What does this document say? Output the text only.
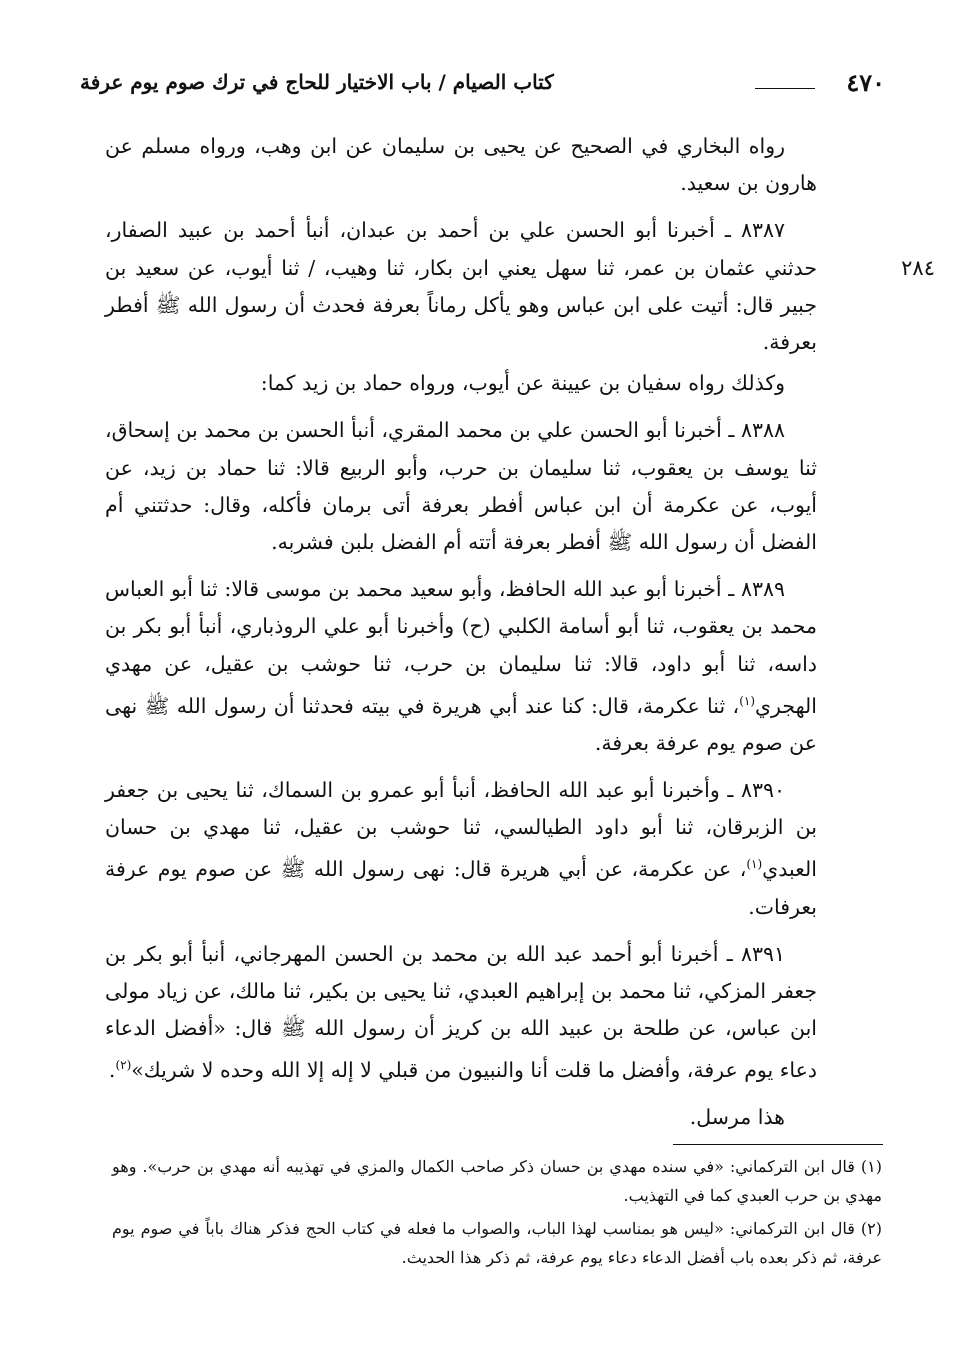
٤٧٠
كتاب الصيام / باب الاختيار للحاج في ترك صوم يوم عرفة
٢٨٤

رواه البخاري في الصحيح عن يحيى بن سليمان عن ابن وهب، ورواه مسلم عن هارون بن سعيد.

٨٣٨٧ ـ أخبرنا أبو الحسن علي بن أحمد بن عبدان، أنبأ أحمد بن عبيد الصفار، حدثني عثمان بن عمر، ثنا سهل يعني ابن بكار، ثنا وهيب، / ثنا أيوب، عن سعيد بن جبير قال: أتيت على ابن عباس وهو يأكل رماناً بعرفة فحدث أن رسول الله ﷺ أفطر بعرفة.

وكذلك رواه سفيان بن عيينة عن أيوب، ورواه حماد بن زيد كما:

٨٣٨٨ ـ أخبرنا أبو الحسن علي بن محمد المقري، أنبأ الحسن بن محمد بن إسحاق، ثنا يوسف بن يعقوب، ثنا سليمان بن حرب، وأبو الربيع قالا: ثنا حماد بن زيد، عن أيوب، عن عكرمة أن ابن عباس أفطر بعرفة أتى برمان فأكله، وقال: حدثتني أم الفضل أن رسول الله ﷺ أفطر بعرفة أتته أم الفضل بلبن فشربه.

٨٣٨٩ ـ أخبرنا أبو عبد الله الحافظ، وأبو سعيد محمد بن موسى قالا: ثنا أبو العباس محمد بن يعقوب، ثنا أبو أسامة الكلبي (ح) وأخبرنا أبو علي الروذباري، أنبأ أبو بكر بن داسه، ثنا أبو داود، قالا: ثنا سليمان بن حرب، ثنا حوشب بن عقيل، عن مهدي الهجري$^{(١)}$، ثنا عكرمة، قال: كنا عند أبي هريرة في بيته فحدثنا أن رسول الله ﷺ نهى عن صوم يوم عرفة بعرفة.

٨٣٩٠ ـ وأخبرنا أبو عبد الله الحافظ، أنبأ أبو عمرو بن السماك، ثنا يحيى بن جعفر بن الزبرقان، ثنا أبو داود الطيالسي، ثنا حوشب بن عقيل، ثنا مهدي بن حسان العبدي$^{(١)}$، عن عكرمة، عن أبي هريرة قال: نهى رسول الله ﷺ عن صوم يوم عرفة بعرفات.

٨٣٩١ ـ أخبرنا أبو أحمد عبد الله بن محمد بن الحسن المهرجاني، أنبأ أبو بكر بن جعفر المزكي، ثنا محمد بن إبراهيم العبدي، ثنا يحيى بن بكير، ثنا مالك، عن زياد مولى ابن عباس، عن طلحة بن عبيد الله بن كريز أن رسول الله ﷺ قال: «أفضل الدعاء دعاء يوم عرفة، وأفضل ما قلت أنا والنبيون من قبلي لا إله إلا الله وحده لا شريك»$^{(٢)}$.

هذا مرسل.

(١) قال ابن التركماني: «في سنده مهدي بن حسان ذكر صاحب الكمال والمزي في تهذيبه أنه مهدي بن حرب». وهو مهدي بن حرب العبدي كما في التهذيب.

(٢) قال ابن التركماني: «ليس هو بمناسب لهذا الباب، والصواب ما فعله في كتاب الحج فذكر هناك باباً في صوم يوم عرفة، ثم ذكر بعده باب أفضل الدعاء دعاء يوم عرفة، ثم ذكر هذا الحديث.
